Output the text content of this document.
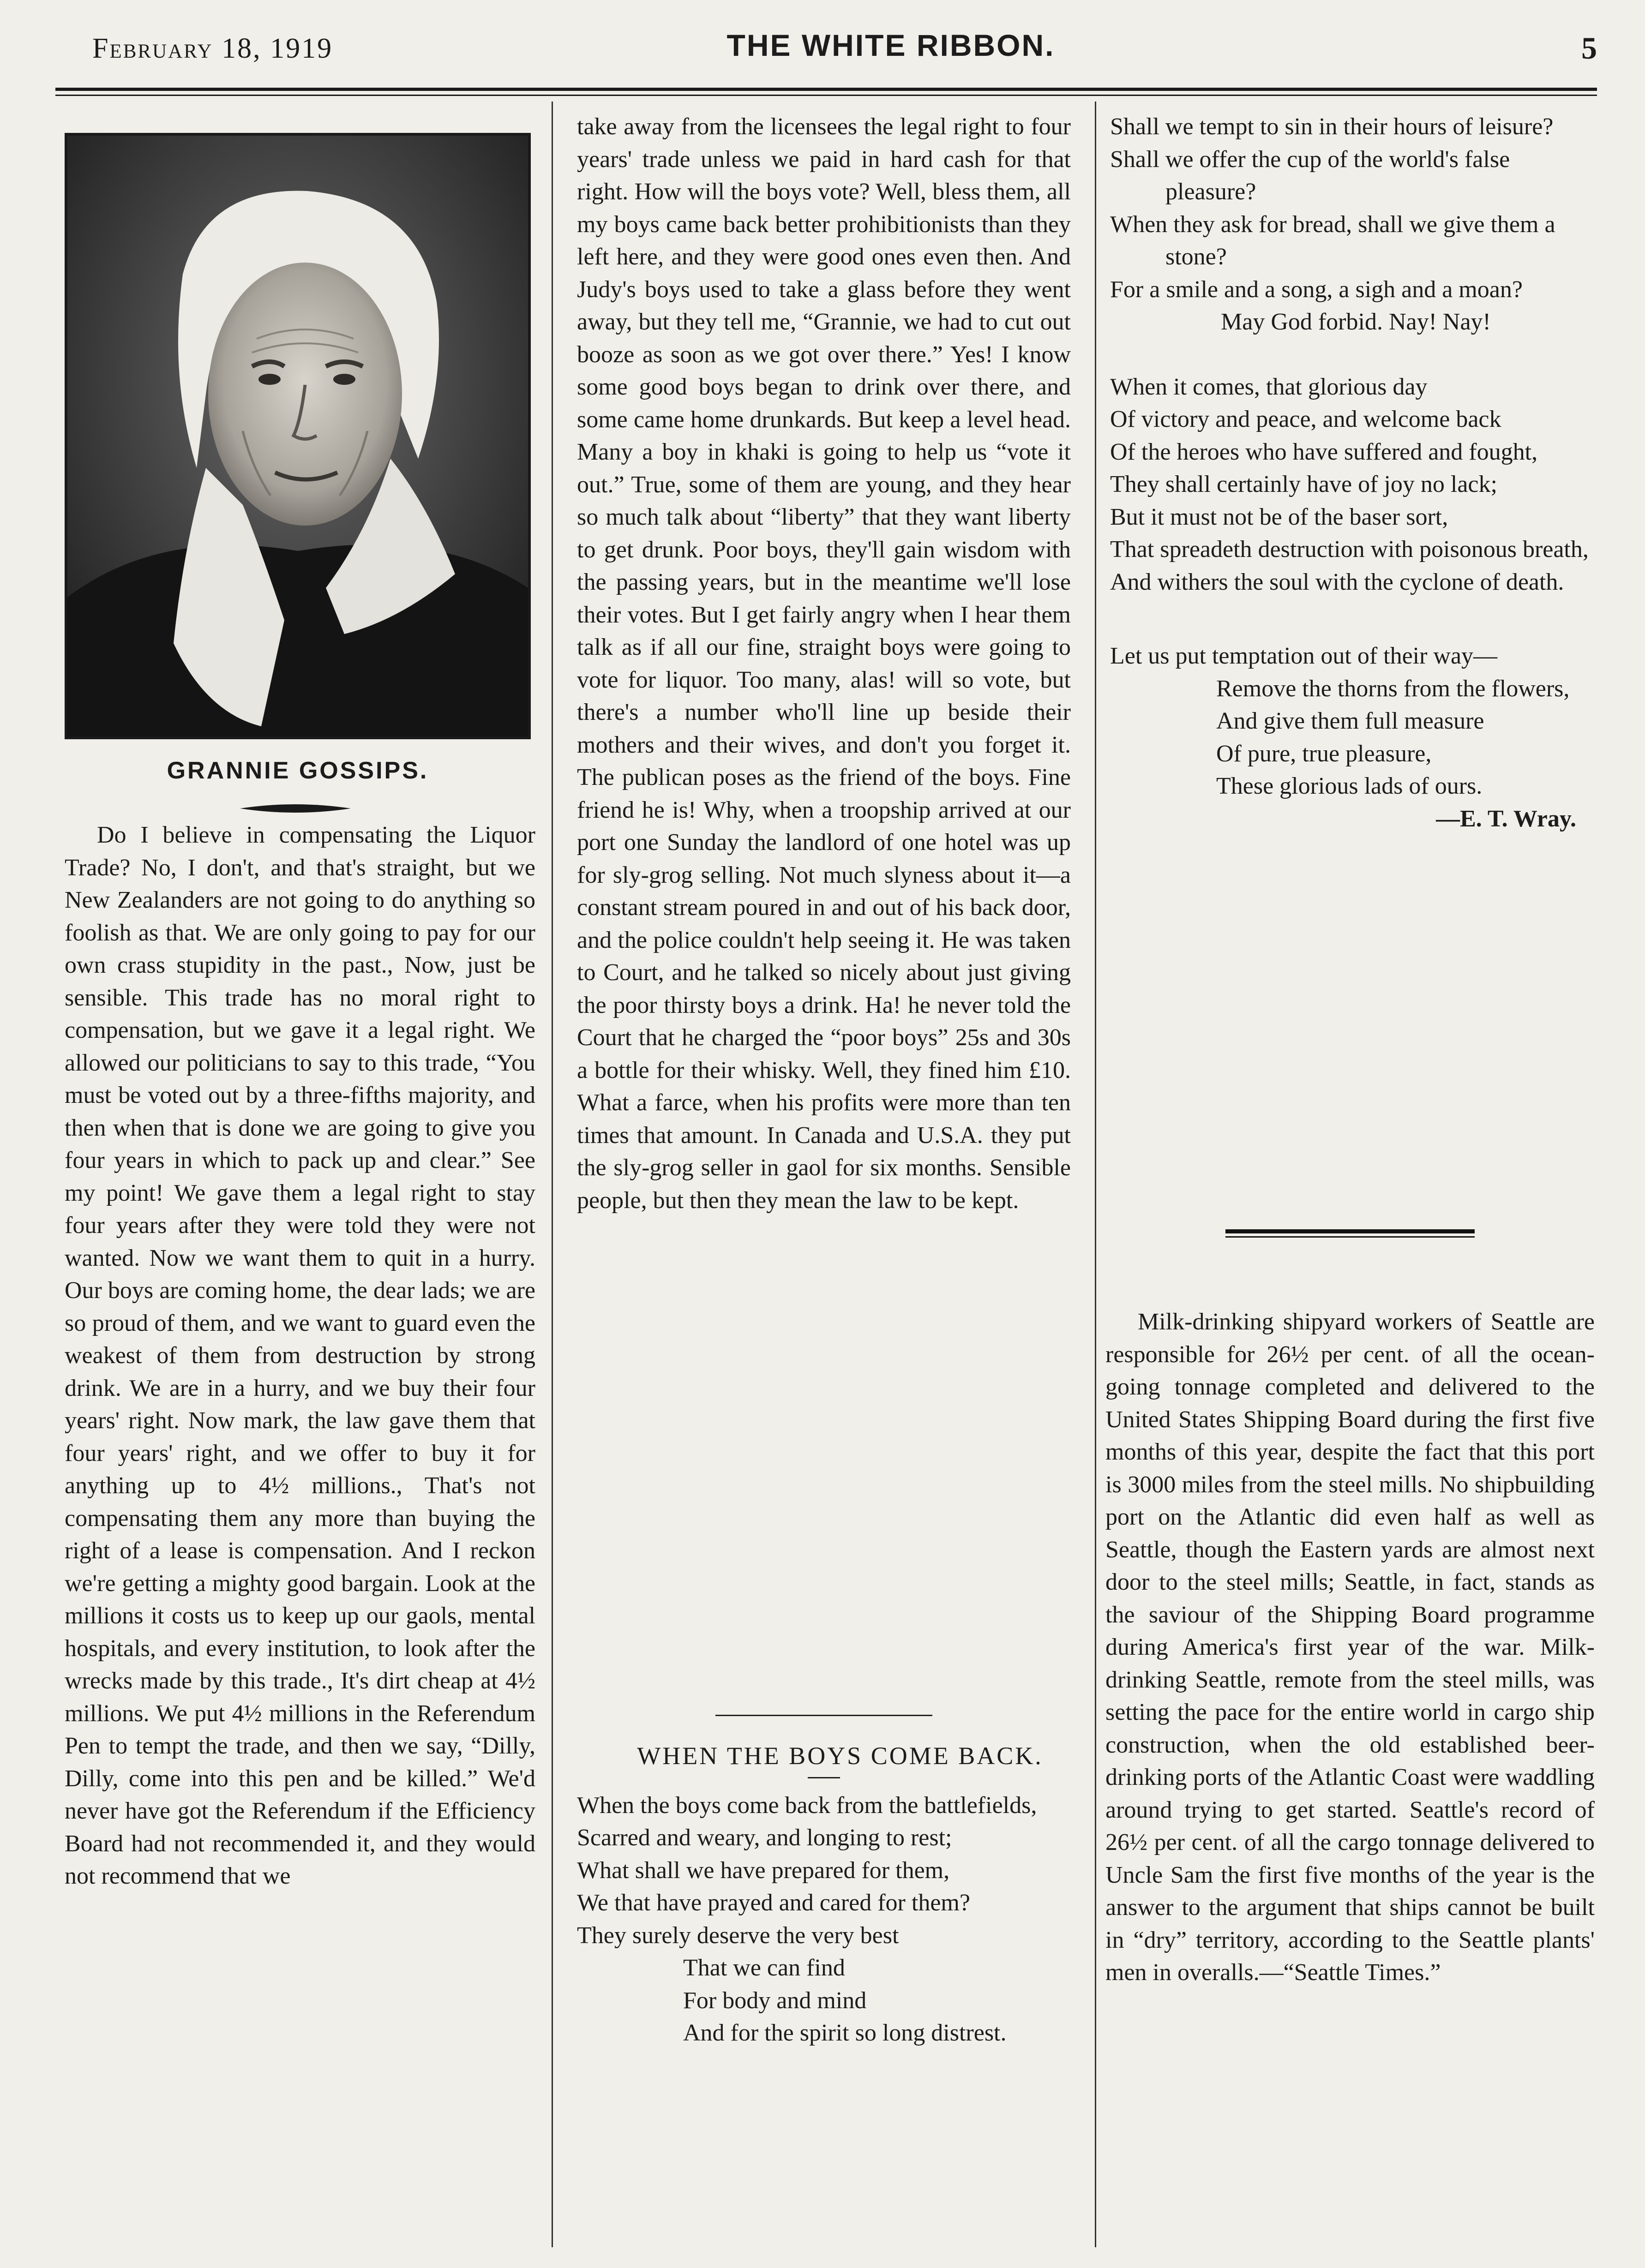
February 18, 1919	THE WHITE RIBBON.	5
GRANNIE GOSSIPS.

Do I believe in compensating the Liquor Trade? No, I don't, and that's straight, but we New Zealanders are not going to do anything so foolish as that. We are only going to pay for our own crass stupidity in the past., Now, just be sensible. This trade has no moral right to compensation, but we gave it a legal right. We allowed our politicians to say to this trade, “You must be voted out by a three-fifths majority, and then when that is done we are going to give you four years in which to pack up and clear.” See my point! We gave them a legal right to stay four years after they were told they were not wanted. Now we want them to quit in a hurry. Our boys are coming home, the dear lads; we are so proud of them, and we want to guard even the weakest of them from destruction by strong drink. We are in a hurry, and we buy their four years' right. Now mark, the law gave them that four years' right, and we offer to buy it for anything up to 4½ millions., That's not compensating them any more than buying the right of a lease is compensation. And I reckon we're getting a mighty good bargain. Look at the millions it costs us to keep up our gaols, mental hospitals, and every institution, to look after the wrecks made by this trade., It's dirt cheap at 4½ millions. We put 4½ millions in the Referendum Pen to tempt the trade, and then we say, “Dilly, Dilly, come into this pen and be killed.” We'd never have got the Referendum if the Efficiency Board had not recommended it, and they would not recommend that we

take away from the licensees the legal right to four years' trade unless we paid in hard cash for that right. How will the boys vote? Well, bless them, all my boys came back better prohibitionists than they left here, and they were good ones even then. And Judy's boys used to take a glass before they went away, but they tell me, “Grannie, we had to cut out booze as soon as we got over there.” Yes! I know some good boys began to drink over there, and some came home drunkards. But keep a level head. Many a boy in khaki is going to help us “vote it out.” True, some of them are young, and they hear so much talk about “liberty” that they want liberty to get drunk. Poor boys, they'll gain wisdom with the passing years, but in the meantime we'll lose their votes. But I get fairly angry when I hear them talk as if all our fine, straight boys were going to vote for liquor. Too many, alas! will so vote, but there's a number who'll line up beside their mothers and their wives, and don't you forget it. The publican poses as the friend of the boys. Fine friend he is! Why, when a troopship arrived at our port one Sunday the landlord of one hotel was up for sly-grog selling. Not much slyness about it—a constant stream poured in and out of his back door, and the police couldn't help seeing it. He was taken to Court, and he talked so nicely about just giving the poor thirsty boys a drink. Ha! he never told the Court that he charged the “poor boys” 25s and 30s a bottle for their whisky. Well, they fined him £10. What a farce, when his profits were more than ten times that amount. In Canada and U.S.A. they put the sly-grog seller in gaol for six months. Sensible people, but then they mean the law to be kept.

WHEN THE BOYS COME BACK.

When the boys come back from the battlefields,

Scarred and weary, and longing to rest;

What shall we have prepared for them,

We that have prayed and cared for them?

They surely deserve the very best

That we can find

For body and mind

And for the spirit so long distrest.

Shall we tempt to sin in their hours of leisure?

Shall we offer the cup of the world's false pleasure?

When they ask for bread, shall we give them a stone?

For a smile and a song, a sigh and a moan?

May God forbid. Nay! Nay!

When it comes, that glorious day

Of victory and peace, and welcome back

Of the heroes who have suffered and fought,

They shall certainly have of joy no lack;

But it must not be of the baser sort,

That spreadeth destruction with poisonous breath,

And withers the soul with the cyclone of death.

Let us put temptation out of their way—

Remove the thorns from the flowers,

And give them full measure

Of pure, true pleasure,

These glorious lads of ours.

—E. T. Wray.

Milk-drinking shipyard workers of Seattle are responsible for 26½ per cent. of all the ocean-going tonnage completed and delivered to the United States Shipping Board during the first five months of this year, despite the fact that this port is 3000 miles from the steel mills. No shipbuilding port on the Atlantic did even half as well as Seattle, though the Eastern yards are almost next door to the steel mills; Seattle, in fact, stands as the saviour of the Shipping Board programme during America's first year of the war. Milk-drinking Seattle, remote from the steel mills, was setting the pace for the entire world in cargo ship construction, when the old established beer-drinking ports of the Atlantic Coast were waddling around trying to get started. Seattle's record of 26½ per cent. of all the cargo tonnage delivered to Uncle Sam the first five months of the year is the answer to the argument that ships cannot be built in “dry” territory, according to the Seattle plants' men in overalls.—“Seattle Times.”
